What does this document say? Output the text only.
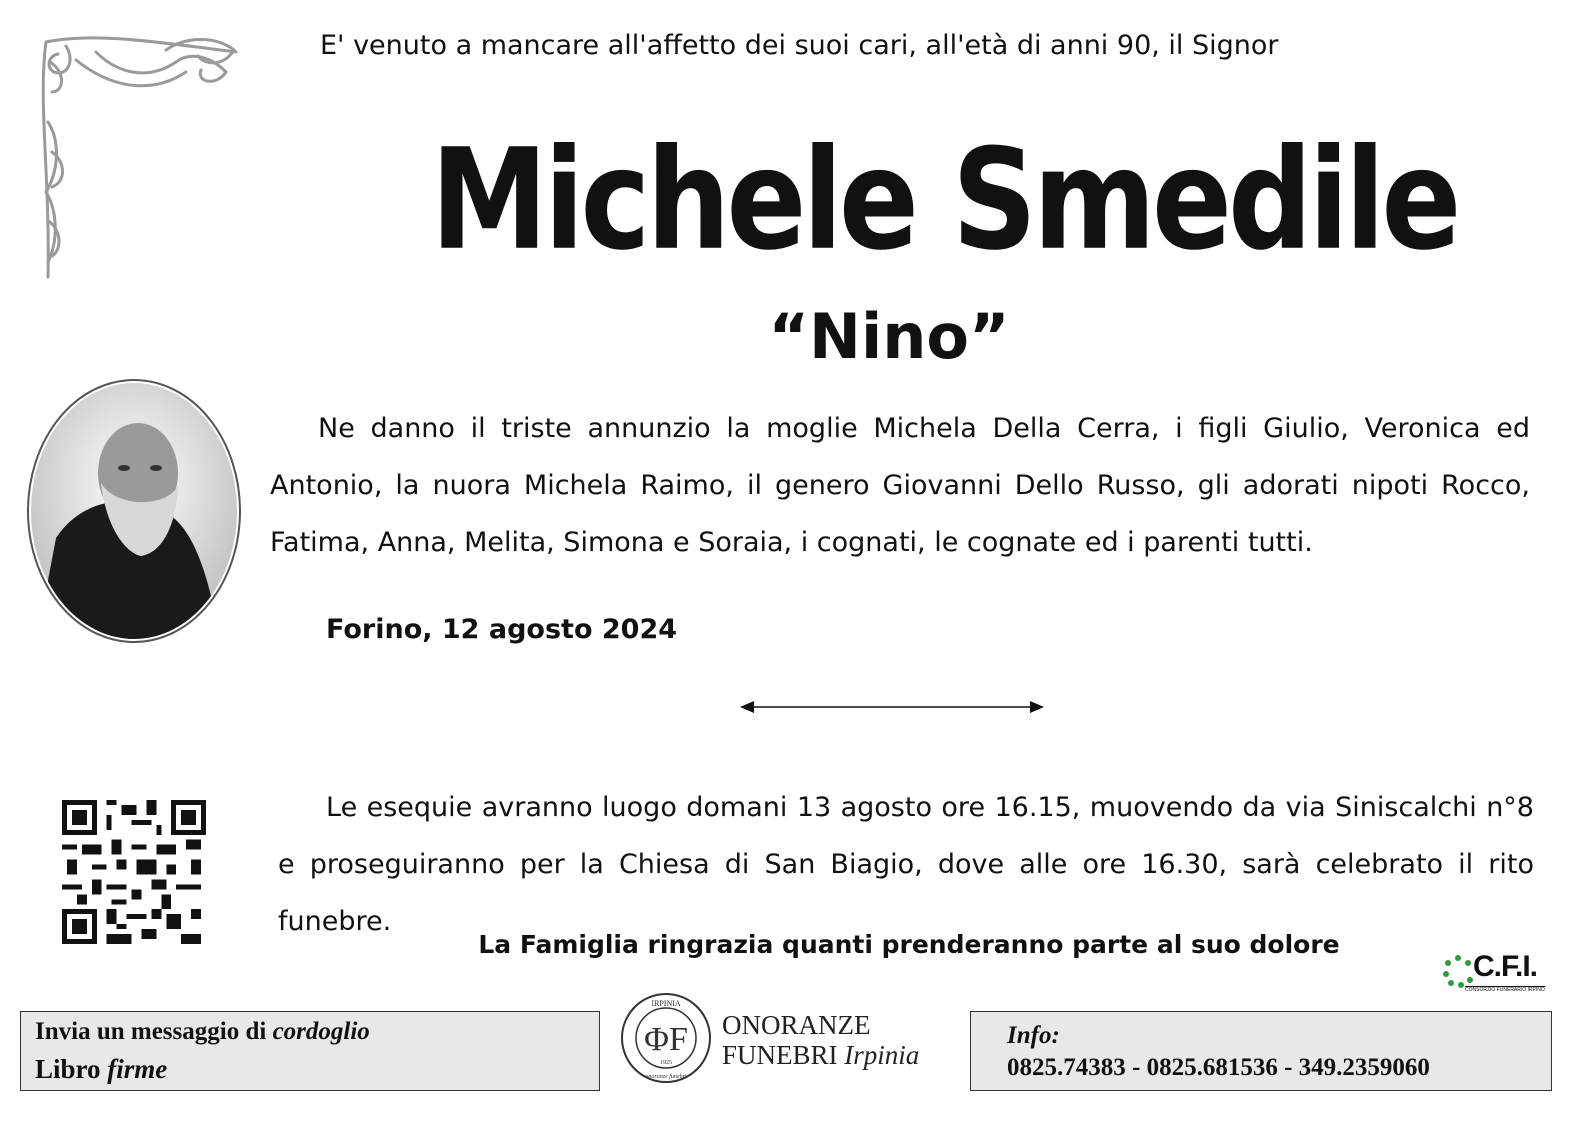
E' venuto a mancare all'affetto dei suoi cari, all'età di anni 90, il Signor
Michele Smedile
“Nino”
Ne danno il triste annunzio la moglie Michela Della Cerra, i figli Giulio, Veronica ed Antonio, la nuora Michela Raimo, il genero Giovanni Dello Russo, gli adorati nipoti Rocco, Fatima, Anna, Melita, Simona e Soraia, i cognati, le cognate ed i parenti tutti.
Forino, 12 agosto 2024
Le esequie avranno luogo domani 13 agosto ore 16.15, muovendo da via Siniscalchi n°8 e proseguiranno per la Chiesa di San Biagio, dove alle ore 16.30, sarà celebrato il rito funebre.
La Famiglia ringrazia quanti prenderanno parte al suo dolore
C.F.I.
CONSORZIO FUNERARIO IRPINO
Invia un messaggio di cordoglio
Libro firme
IRPINIA
ΦF
1925
onoranze funebri
ONORANZE
FUNEBRI Irpinia
Info:
0825.74383 - 0825.681536 - 349.2359060
